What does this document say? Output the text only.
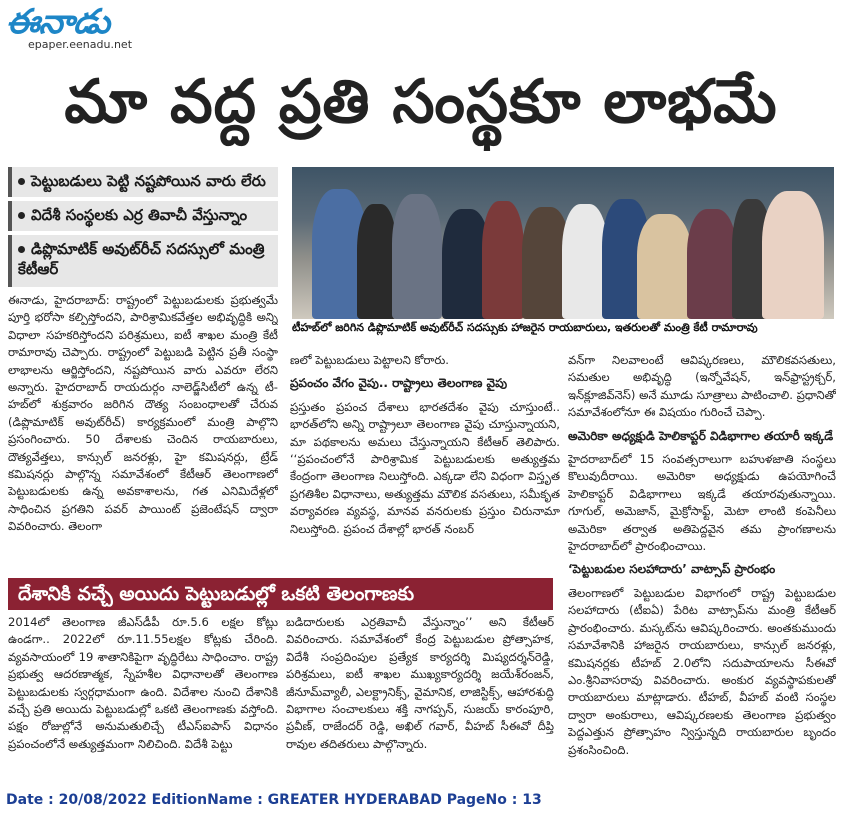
ఈనాడు
epaper.eenadu.net
మా వద్ద ప్రతి సంస్థకూ లాభమే
పెట్టుబడులు పెట్టి నష్టపోయిన వారు లేరు
విదేశీ సంస్థలకు ఎర్ర తివాచీ వేస్తున్నాం
డిప్లొమాటిక్ అవుట్‌రీచ్ సదస్సులో మంత్రి కేటీఆర్
టీహబ్‌లో జరిగిన డిప్లొమాటిక్ అవుట్‌రీచ్ సదస్సుకు హాజరైన రాయబారులు, ఇతరులతో మంత్రి కేటీ రామారావు

ఈనాడు, హైదరాబాద్: రాష్ట్రంలో పెట్టుబడులకు ప్రభుత్వమే పూర్తి భరోసా కల్పిస్తోందని, పారిశ్రామికవేత్తల అభివృద్ధికి అన్ని విధాలా సహకరిస్తోందని పరిశ్రమలు, ఐటీ శాఖల మంత్రి కేటీ రామారావు చెప్పారు. రాష్ట్రంలో పెట్టుబడి పెట్టిన ప్రతీ సంస్థా లాభాలను ఆర్జిస్తోందని, నష్టపోయిన వారు ఎవరూ లేరని అన్నారు. హైదరాబాద్ రాయదుర్గం నాలెడ్జ్‌సిటీలో ఉన్న టీ-హబ్‌లో శుక్రవారం జరిగిన దౌత్య సంబంధాలతో చేరువ (డిప్లొమాటిక్ అవుట్‌రీచ్) కార్యక్రమంలో మంత్రి పాల్గొని ప్రసంగించారు. 50 దేశాలకు చెందిన రాయబారులు, దౌత్యవేత్తలు, కాన్సుల్ జనరళ్లు, హై కమిషనర్లు, ట్రేడ్ కమిషనర్లు పాల్గొన్న సమావేశంలో కేటీఆర్ తెలంగాణలో పెట్టుబడులకు ఉన్న అవకాశాలను, గత ఎనిమిదేళ్లలో సాధించిన ప్రగతిని పవర్ పాయింట్ ప్రజెంటేషన్ ద్వారా వివరించారు. తెలంగా

ణలో పెట్టుబడులు పెట్టాలని కోరారు.

ప్రపంచం వేగం వైపు.. రాష్ట్రాలు తెలంగాణ వైపు

ప్రస్తుతం ప్రపంచ దేశాలు భారతదేశం వైపు చూస్తుంటే.. భారత్‌లోని అన్ని రాష్ట్రాలూ తెలంగాణ వైపు చూస్తున్నాయని, మా పథకాలను అమలు చేస్తున్నాయని కేటీఆర్ తెలిపారు. ‘‘ప్రపంచంలోనే పారిశ్రామిక పెట్టుబడులకు అత్యుత్తమ కేంద్రంగా తెలంగాణ నిలుస్తోంది. ఎక్కడా లేని విధంగా విస్తృత ప్రగతిశీల విధానాలు, అత్యుత్తమ మౌలిక వసతులు, సమీకృత వర్యావరణ వ్యవస్థ, మానవ వనరులకు ప్రస్తుం చిరునామా నిలుస్తోంది. ప్రపంచ దేశాల్లో భారత్ నంబర్

వన్‌గా నిలవాలంటే ఆవిష్కరణలు, మౌలికవసతులు, సమతుల అభివృద్ధి (ఇన్నోవేషన్, ఇన్‌ఫ్రాస్ట్రక్చర్, ఇన్‌క్లూజివ్‌నెస్) అనే మూడు సూత్రాలు పాటించాలి. ప్రధానితో సమావేశంలోనూ ఈ విషయం గురించే చెప్పా.

అమెరికా అధ్యక్షుడి హెలికాప్టర్ విడిభాగాల తయారీ ఇక్కడే

హైదరాబాద్‌లో 15 సంవత్సరాలుగా బహుళజాతి సంస్థలు కొలువుదీరాయి. అమెరికా అధ్యక్షుడు ఉపయోగించే హెలికాప్టర్ విడిభాగాలు ఇక్కడే తయారవుతున్నాయి. గూగుల్, అమెజాన్, మైక్రోసాఫ్ట్, మెటా లాంటి కంపెనీలు అమెరికా తర్వాత అతిపెద్దవైన తమ ప్రాంగణాలను హైదరాబాద్‌లో ప్రారంభించాయి.

‘పెట్టుబడుల సలహాదారు’ వాట్సాప్ ప్రారంభం

తెలంగాణలో పెట్టుబడుల విభాగంలో రాష్ట్ర పెట్టుబడుల సలహాదారు (టీఐఏ) పేరిట వాట్సాప్‌ను మంత్రి కేటీఆర్ ప్రారంభించారు. మస్కట్‌ను ఆవిష్కరించారు. అంతకుముందు సమావేశానికి హాజరైన రాయబారులు, కాన్సుల్ జనరళ్లు, కమిషనర్లకు టీహబ్ 2.0లోని సదుపాయాలను సీఈవో ఎం.శ్రీనివాసరావు వివరించారు. అంకుర వ్యవస్థాపకులతో రాయబారులు మాట్లాడారు. టీహబ్, వీహబ్ వంటి సంస్థల ద్వారా అంకురాలు, ఆవిష్కరణలకు తెలంగాణ ప్రభుత్వం పెద్దఎత్తున ప్రోత్సాహం న్విస్తున్నది రాయబారుల బృందం ప్రశంసించింది.

దేశానికి వచ్చే అయిదు పెట్టుబడుల్లో ఒకటి తెలంగాణకు

2014లో తెలంగాణ జీఎస్‌డీపీ రూ.5.6 లక్షల కోట్లు ఉండగా.. 2022లో రూ.11.55లక్షల కోట్లకు చేరింది. వ్యవసాయంలో 19 శాతానికిపైగా వృద్ధిరేటు సాధించాం. రాష్ట్ర ప్రభుత్వ ఆదరణాత్మక, స్నేహశీల విధానాలతో తెలంగాణ పెట్టుబడులకు స్వర్గధామంగా ఉంది. విదేశాల నుంచి దేశానికి వచ్చే ప్రతి అయిదు పెట్టుబడుల్లో ఒకటి తెలంగాణకు వస్తోంది. పక్షం రోజుల్లోనే అనుమతులిచ్చే టీఎస్ఐపాస్ విధానం ప్రపంచంలోనే అత్యుత్తమంగా నిలిచింది. విదేశీ పెట్టు

బడిదారులకు ఎర్రతివాచీ వేస్తున్నాం’’ అని కేటీఆర్ వివరించారు. సమావేశంలో కేంద్ర పెట్టుబడుల ప్రోత్సాహక, విదేశీ సంప్రదింపుల ప్రత్యేక కార్యదర్శి మిష్యదర్శన్‌రెడ్డి, పరిశ్రమలు, ఐటీ శాఖల ముఖ్యకార్యదర్శి జయేశ్‌రంజన్, జీనూమ్‌వ్యాలీ, ఎలక్ట్రానిక్స్, వైమానిక, లాజిస్టిక్స్, ఆహారశుద్ధి విభాగాల సంచాలకులు శక్తి నాగప్పన్, సుజయ్ కారంపూరి, ప్రవీణ్, రాజేందర్ రెడ్డి, అఖిల్ గవార్, వీహబ్ సీఈవో దీప్తి రావుల తదితరులు పాల్గొన్నారు.

Date : 20/08/2022 EditionName : GREATER HYDERABAD PageNo : 13
